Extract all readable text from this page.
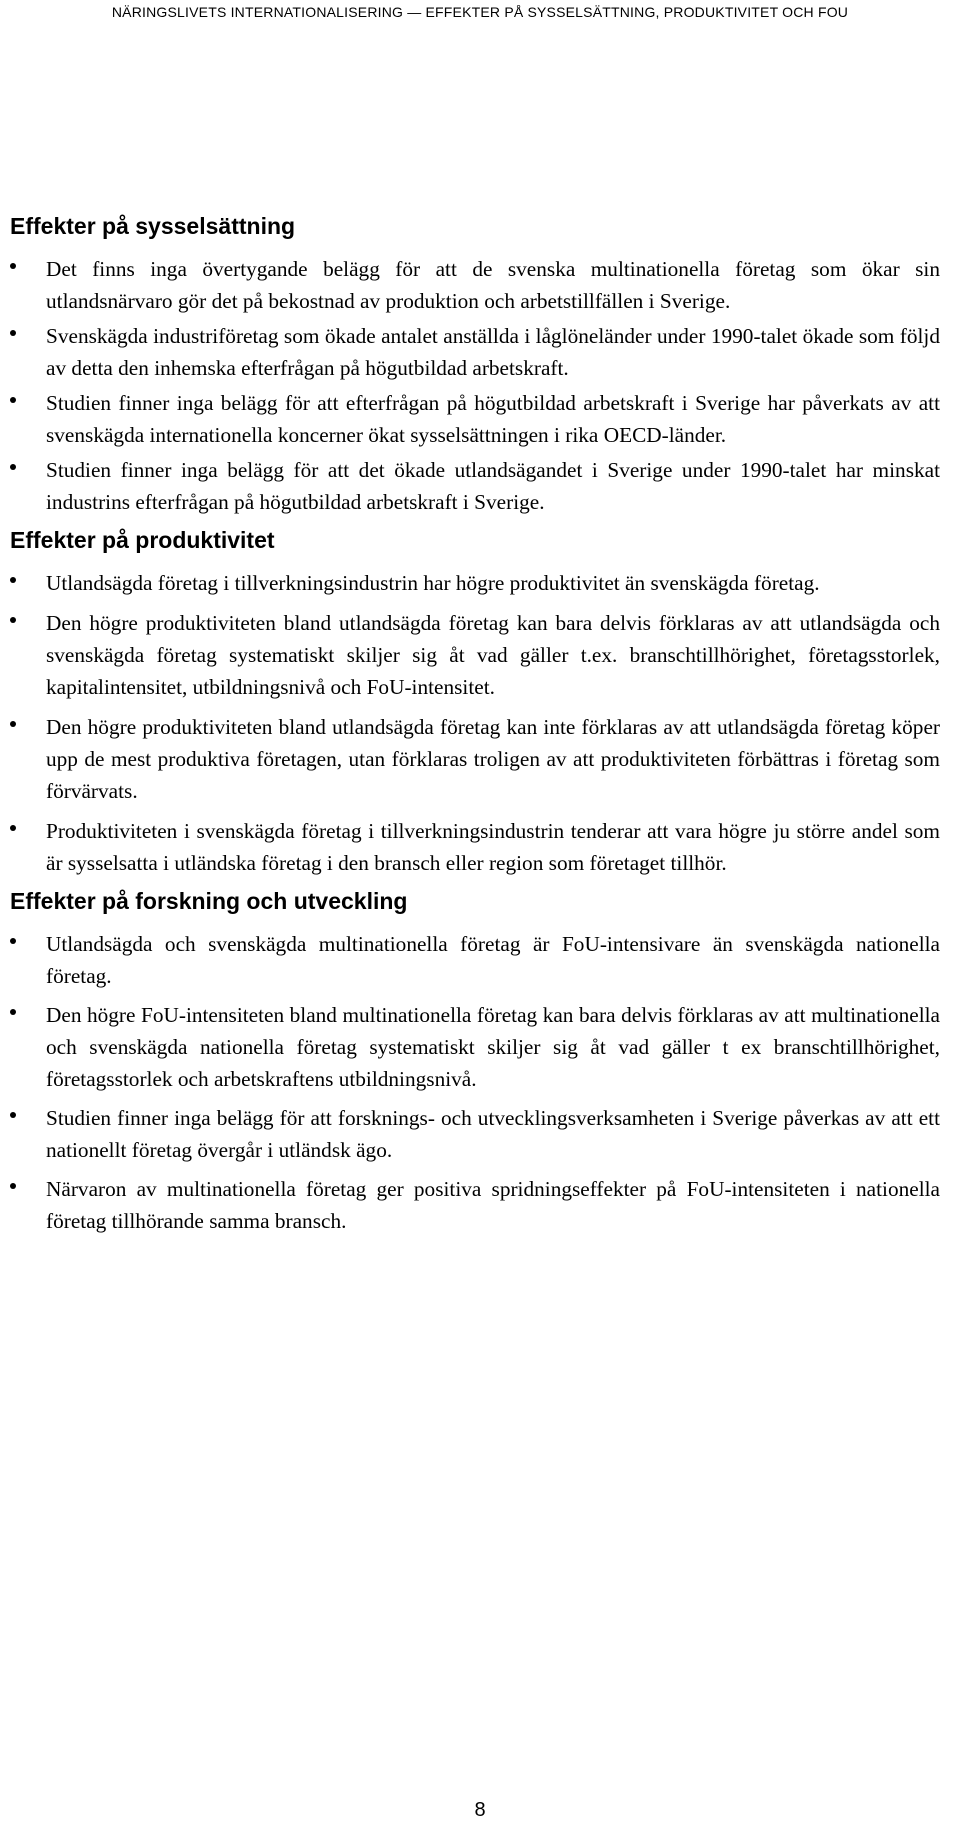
NÄRINGSLIVETS INTERNATIONALISERING — EFFEKTER PÅ SYSSELSÄTTNING, PRODUKTIVITET OCH FOU
Effekter på sysselsättning
Det finns inga övertygande belägg för att de svenska multinationella företag som ökar sin utlandsnärvaro gör det på bekostnad av produktion och arbetstillfällen i Sverige.
Svenskägda industriföretag som ökade antalet anställda i låglöneländer under 1990-talet ökade som följd av detta den inhemska efterfrågan på högutbildad arbetskraft.
Studien finner inga belägg för att efterfrågan på högutbildad arbetskraft i Sverige har påverkats av att svenskägda internationella koncerner ökat sysselsättningen i rika OECD-länder.
Studien finner inga belägg för att det ökade utlandsägandet i Sverige under 1990-talet har minskat industrins efterfrågan på högutbildad arbetskraft i Sverige.
Effekter på produktivitet
Utlandsägda företag i tillverkningsindustrin har högre produktivitet än svenskägda företag.
Den högre produktiviteten bland utlandsägda företag kan bara delvis förklaras av att utlandsägda och svenskägda företag systematiskt skiljer sig åt vad gäller t.ex. branschtillhörighet, företagsstorlek, kapitalintensitet, utbildningsnivå och FoU-intensitet.
Den högre produktiviteten bland utlandsägda företag kan inte förklaras av att utlandsägda företag köper upp de mest produktiva företagen, utan förklaras troligen av att produktiviteten förbättras i företag som förvärvats.
Produktiviteten i svenskägda företag i tillverkningsindustrin tenderar att vara högre ju större andel som är sysselsatta i utländska företag i den bransch eller region som företaget tillhör.
Effekter på forskning och utveckling
Utlandsägda och svenskägda multinationella företag är FoU-intensivare än svenskägda nationella företag.
Den högre FoU-intensiteten bland multinationella företag kan bara delvis förklaras av att multinationella och svenskägda nationella företag systematiskt skiljer sig åt vad gäller t ex branschtillhörighet, företagsstorlek och arbetskraftens utbildningsnivå.
Studien finner inga belägg för att forsknings- och utvecklingsverksamheten i Sverige påverkas av att ett nationellt företag övergår i utländsk ägo.
Närvaron av multinationella företag ger positiva spridningseffekter på FoU-intensiteten i nationella företag tillhörande samma bransch.
8
